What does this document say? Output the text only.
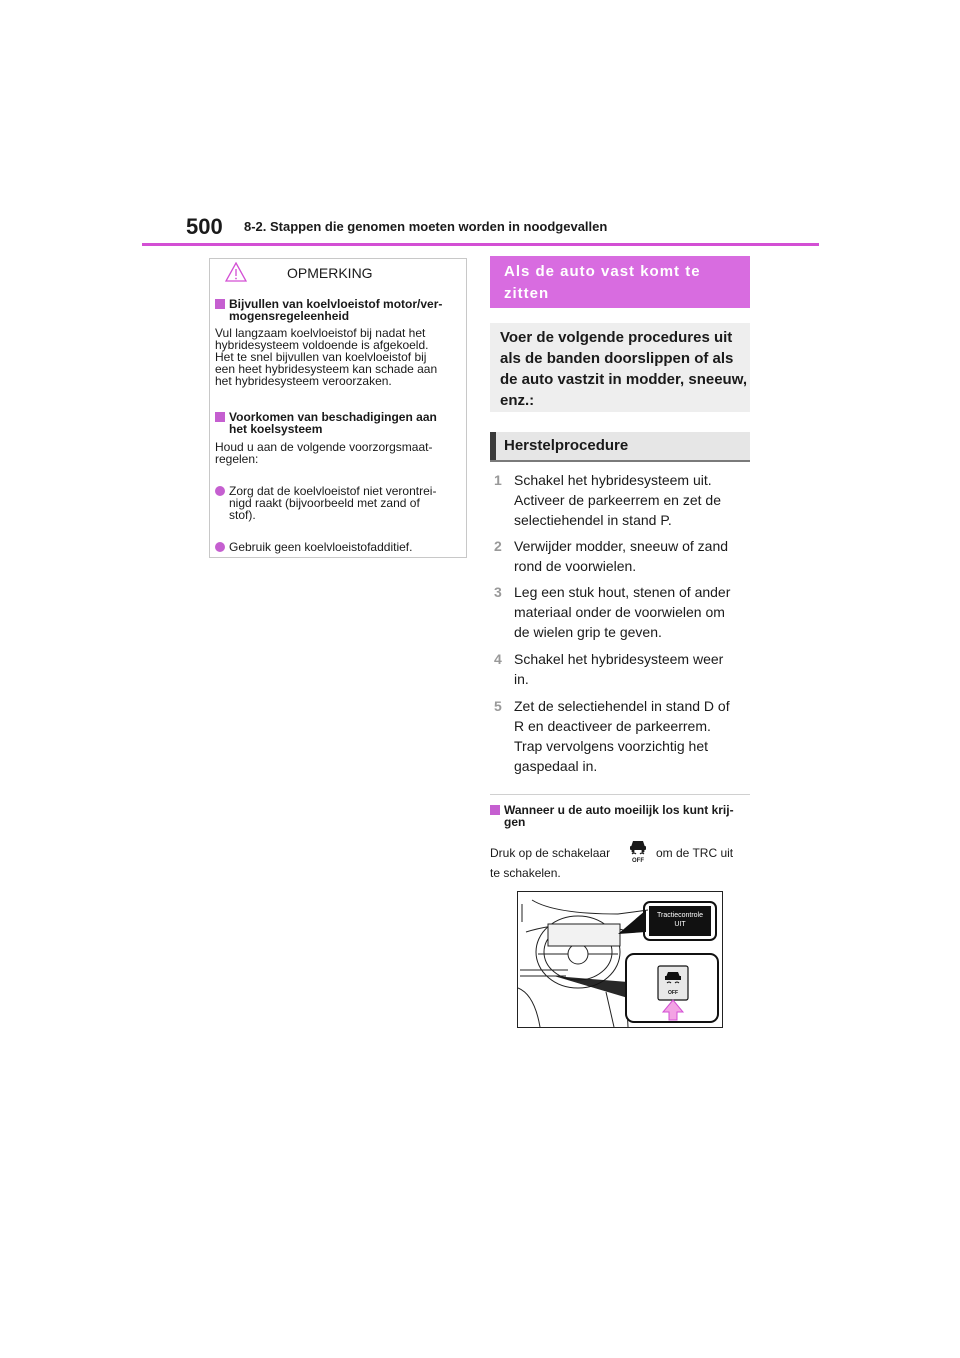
500 8-2. Stappen die genomen moeten worden in noodgevallen
OPMERKING
Bijvullen van koelvloeistof motor/ver-
mogensregeleenheid
Vul langzaam koelvloeistof bij nadat het
hybridesysteem voldoende is afgekoeld.
Het te snel bijvullen van koelvloeistof bij
een heet hybridesysteem kan schade aan
het hybridesysteem veroorzaken.
Voorkomen van beschadigingen aan
het koelsysteem
Houd u aan de volgende voorzorgsmaat-
regelen:
Zorg dat de koelvloeistof niet verontrei-
nigd raakt (bijvoorbeeld met zand of
stof).
Gebruik geen koelvloeistofadditief.
Als de auto vast komt te
zitten
Voer de volgende procedures uit
als de banden doorslippen of als
de auto vastzit in modder, sneeuw,
enz.:
Herstelprocedure
1 Schakel het hybridesysteem uit.
Activeer de parkeerrem en zet de
selectiehendel in stand P.
2 Verwijder modder, sneeuw of zand
rond de voorwielen.
3 Leg een stuk hout, stenen of ander
materiaal onder de voorwielen om
de wielen grip te geven.
4 Schakel het hybridesysteem weer
in.
5 Zet de selectiehendel in stand D of
R en deactiveer de parkeerrem.
Trap vervolgens voorzichtig het
gaspedaal in.
Wanneer u de auto moeilijk los kunt krij-
gen
Druk op de schakelaar
OFF
om de TRC uit
te schakelen.
OFF
Tractiecontrole
UIT
